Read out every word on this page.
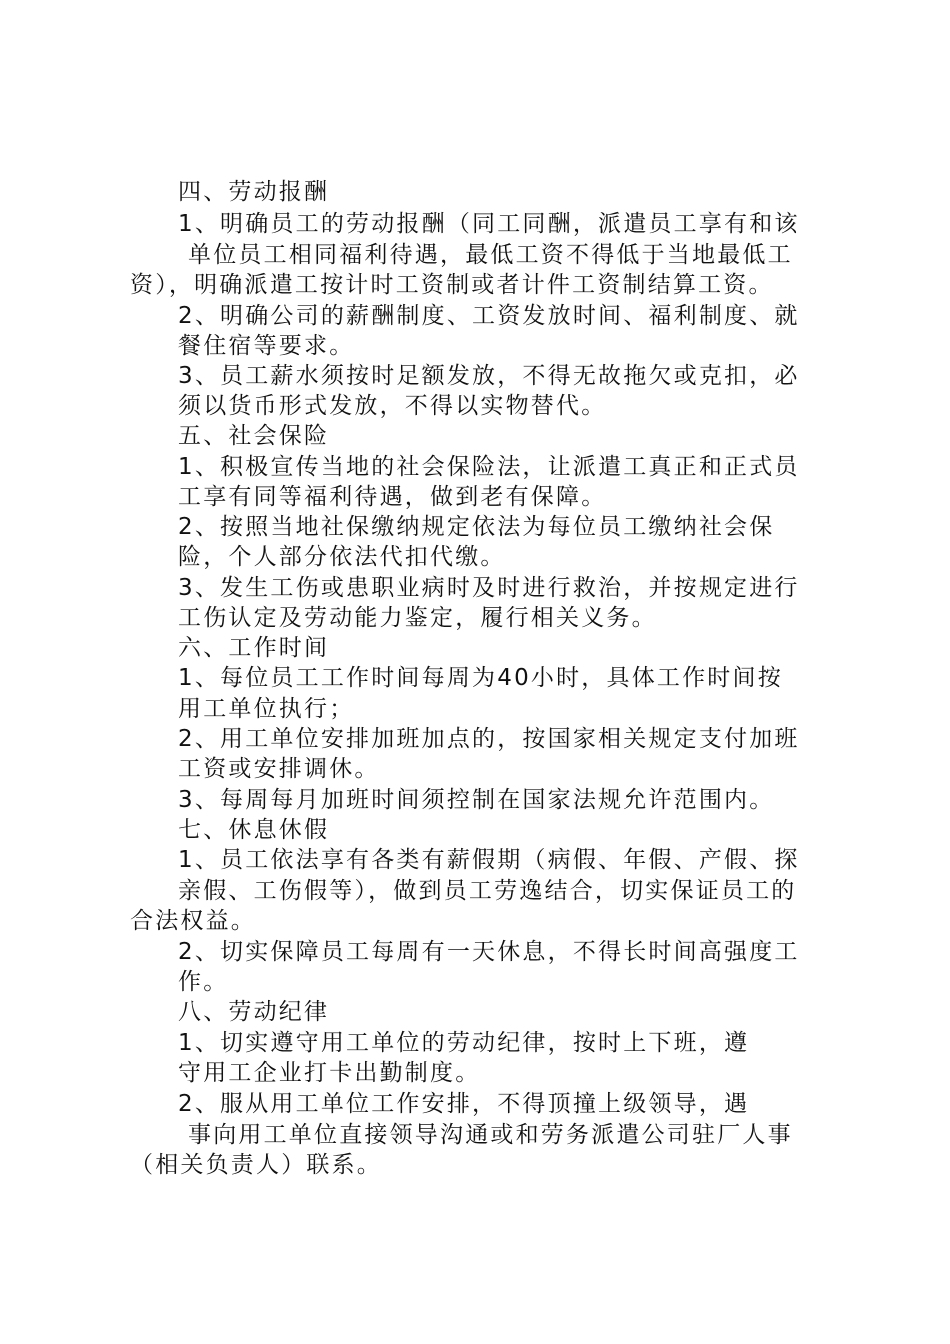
四、劳动报酬
1、明确员工的劳动报酬（同工同酬，派遣员工享有和该
单位员工相同福利待遇，最低工资不得低于当地最低工
资），明确派遣工按计时工资制或者计件工资制结算工资。
2、明确公司的薪酬制度、工资发放时间、福利制度、就
餐住宿等要求。
3、员工薪水须按时足额发放，不得无故拖欠或克扣，必
须以货币形式发放，不得以实物替代。
五、社会保险
1、积极宣传当地的社会保险法，让派遣工真正和正式员
工享有同等福利待遇，做到老有保障。
2、按照当地社保缴纳规定依法为每位员工缴纳社会保
险，个人部分依法代扣代缴。
3、发生工伤或患职业病时及时进行救治，并按规定进行
工伤认定及劳动能力鉴定，履行相关义务。
六、工作时间
1、每位员工工作时间每周为40小时，具体工作时间按
用工单位执行；
2、用工单位安排加班加点的，按国家相关规定支付加班
工资或安排调休。
3、每周每月加班时间须控制在国家法规允许范围内。
七、休息休假
1、员工依法享有各类有薪假期（病假、年假、产假、探
亲假、工伤假等），做到员工劳逸结合，切实保证员工的
合法权益。
2、切实保障员工每周有一天休息，不得长时间高强度工
作。
八、劳动纪律
1、切实遵守用工单位的劳动纪律，按时上下班，遵
守用工企业打卡出勤制度。
2、服从用工单位工作安排，不得顶撞上级领导，遇
事向用工单位直接领导沟通或和劳务派遣公司驻厂人事
（相关负责人）联系。
